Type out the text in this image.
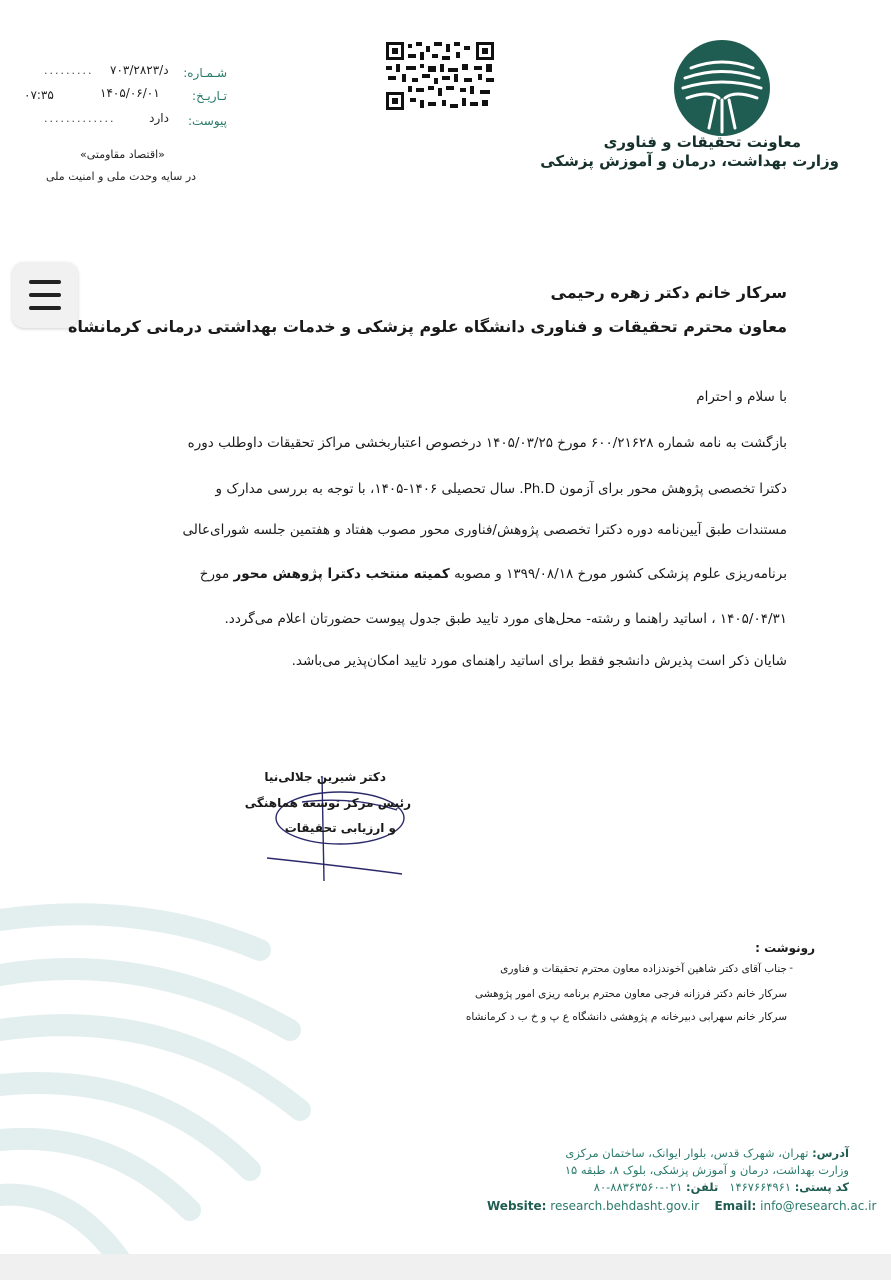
معاونت تحقیقات و فناوری
وزارت بهداشت، درمان و آموزش پزشکی
شـمـاره:
د/۷۰۳/۲۸۲۳
.........
تـاریـخ:
۱۴۰۵/۰۶/۰۱
۰۷:۳۵
پیوست:
دارد
.............
«اقتصاد مقاومتی»
در سایه وحدت ملی و امنیت ملی
سرکار خانم دکتر زهره رحیمی
معاون محترم تحقیقات و فناوری دانشگاه علوم پزشکی و خدمات بهداشتی درمانی کرمانشاه
با سلام و احترام
بازگشت به نامه شماره ۶۰۰/۲۱۶۲۸ مورخ ۱۴۰۵/۰۳/۲۵ درخصوص اعتباربخشی مراکز تحقیقات داوطلب دوره
دکترا تخصصی پژوهش محور برای آزمون Ph.D. سال تحصیلی ۱۴۰۶-۱۴۰۵، با توجه به بررسی مدارک و
مستندات طبق آیین‌نامه دوره دکترا تخصصی پژوهش/فناوری محور مصوب هفتاد و هفتمین جلسه شورای‌عالی
برنامه‌ریزی علوم پزشکی کشور مورخ ۱۳۹۹/۰۸/۱۸ و مصوبه کمیته منتخب دکترا پژوهش محور مورخ
۱۴۰۵/۰۴/۳۱ ، اساتید راهنما و رشته- محل‌های مورد تایید طبق جدول پیوست حضورتان اعلام می‌گردد.
شایان ذکر است پذیرش دانشجو فقط برای اساتید راهنمای مورد تایید امکان‌پذیر می‌باشد.
دکتر شیرین جلالی‌نیا
رئیس مرکز توسعه هماهنگی
و ارزیابی تحقیقات
رونوشت :
-
جناب آقای دکتر شاهین آخوندزاده معاون محترم تحقیقات و فناوری
سرکار خانم دکتر فرزانه فرجی معاون محترم برنامه ریزی امور پژوهشی
سرکار خانم سهرابی دبیرخانه م پژوهشی دانشگاه ع پ و خ ب د کرمانشاه
آدرس: تهران، شهرک قدس، بلوار ایوانک، ساختمان مرکزی
وزارت بهداشت، درمان و آموزش پزشکی، بلوک ۸، طبقه ۱۵
کد پستی: ۱۴۶۷۶۶۴۹۶۱   تلفن: ۰۲۱-۸۸۳۶۳۵۶۰-۸۰
Website: research.behdasht.gov.ir Email: info@research.ac.ir
